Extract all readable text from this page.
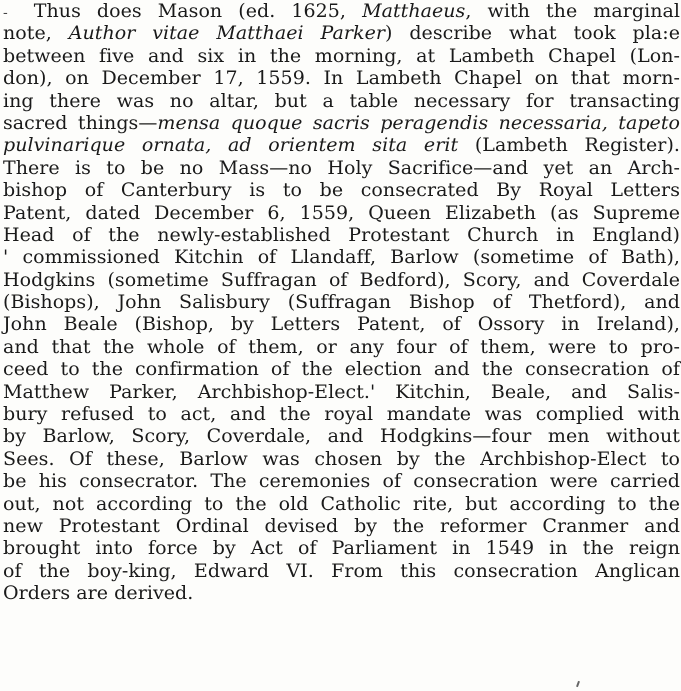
- Thus does Mason (ed. 1625, Matthaeus, with the marginal
note, Author vitae Matthaei Parker) describe what took pla:e
between five and six in the morning, at Lambeth Chapel (Lon-
don), on December 17, 1559. In Lambeth Chapel on that morn-
ing there was no altar, but a table necessary for transacting
sacred things—mensa quoque sacris peragendis necessaria, tapeto
pulvinarique ornata, ad orientem sita erit (Lambeth Register).
There is to be no Mass—no Holy Sacrifice—and yet an Arch-
bishop of Canterbury is to be consecrated By Royal Letters
Patent, dated December 6, 1559, Queen Elizabeth (as Supreme
Head of the newly-established Protestant Church in England)
' commissioned Kitchin of Llandaff, Barlow (sometime of Bath),
Hodgkins (sometime Suffragan of Bedford), Scory, and Coverdale
(Bishops), John Salisbury (Suffragan Bishop of Thetford), and
John Beale (Bishop, by Letters Patent, of Ossory in Ireland),
and that the whole of them, or any four of them, were to pro-
ceed to the confirmation of the election and the consecration of
Matthew Parker, Archbishop-Elect.' Kitchin, Beale, and Salis-
bury refused to act, and the royal mandate was complied with
by Barlow, Scory, Coverdale, and Hodgkins—four men without
Sees. Of these, Barlow was chosen by the Archbishop-Elect to
be his consecrator. The ceremonies of consecration were carried
out, not according to the old Catholic rite, but according to the
new Protestant Ordinal devised by the reformer Cranmer and
brought into force by Act of Parliament in 1549 in the reign
of the boy-king, Edward VI. From this consecration Anglican
Orders are derived.
